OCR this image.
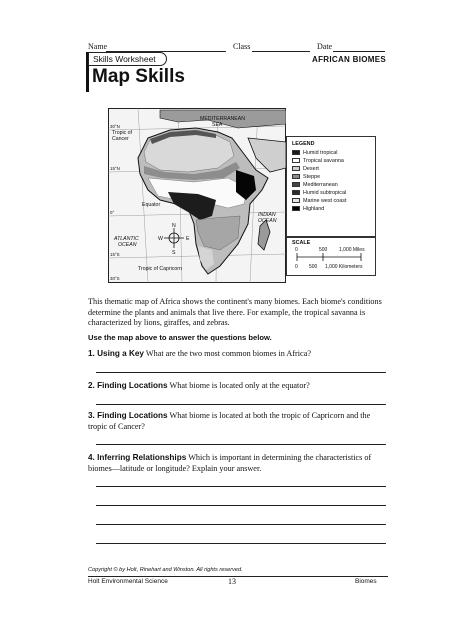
Name	Class	Date
Skills Worksheet	AFRICAN BIOMES
Map Skills
MEDITERRANEAN
SEA
Tropic of
Cancer
Equator
ATLANTIC
OCEAN
INDIAN
OCEAN
Tropic of Capricorn
N
S
E
W
30°N
15°N
0°
15°S
30°S
LEGEND
Humid tropical
Tropical savanna
Desert
Steppe
Mediterranean
Humid subtropical
Marine west coast
Highland
SCALE
0	500 1,000 Miles
0 500 1,000 Kilometers
This thematic map of Africa shows the continent's many biomes. Each biome's conditions determine the plants and animals that live there. For example, the tropical savanna is characterized by lions, giraffes, and zebras.
Use the map above to answer the questions below.
1. Using a Key What are the two most common biomes in Africa?
2. Finding Locations What biome is located only at the equator?
3. Finding Locations What biome is located at both the tropic of Capricorn and the tropic of Cancer?
4. Inferring Relationships Which is important in determining the characteristics of biomes—latitude or longitude? Explain your answer.
Copyright © by Holt, Rinehart and Winston. All rights reserved.
Holt Environmental Science	13	Biomes
